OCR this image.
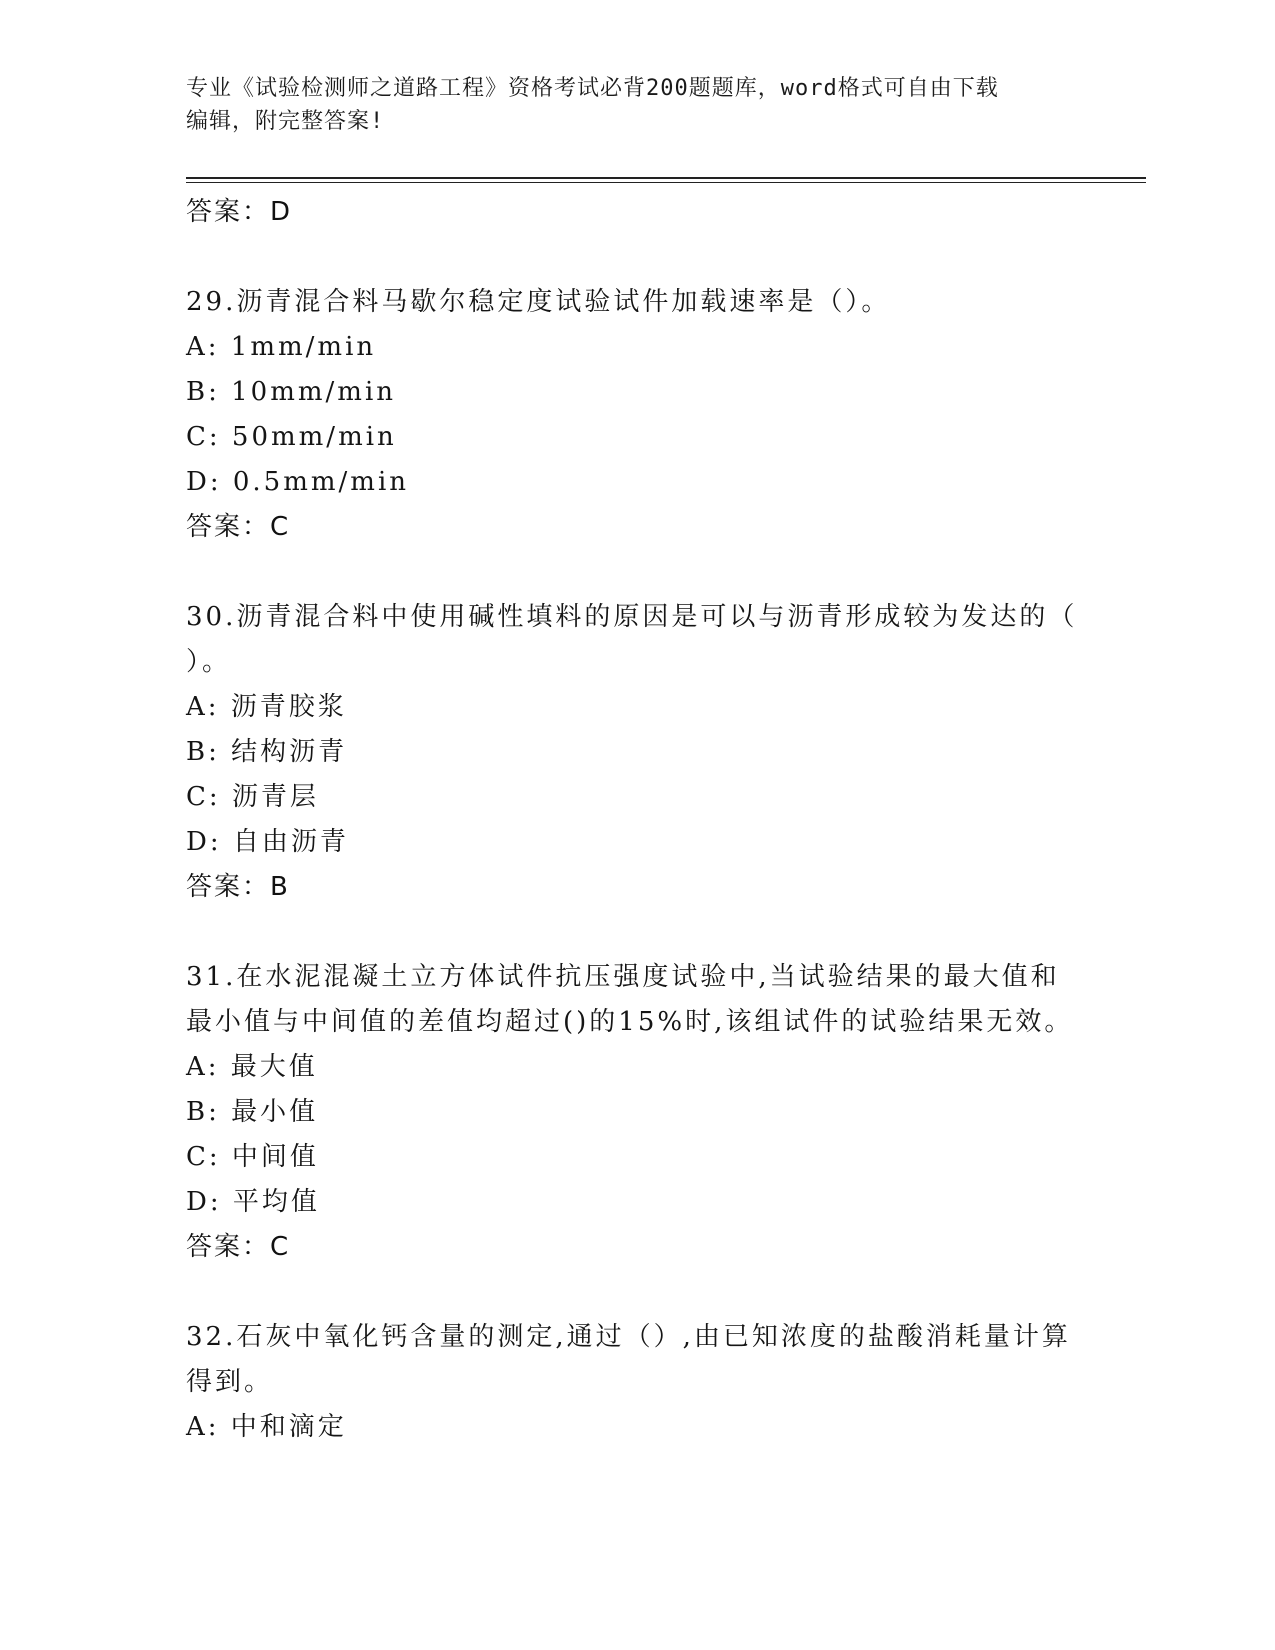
专业《试验检测师之道路工程》资格考试必背200题题库，word格式可自由下载
编辑，附完整答案!
答案：D
29.沥青混合料马歇尔稳定度试验试件加载速率是（）。
A: 1mm/min
B: 10mm/min
C: 50mm/min
D: 0.5mm/min
答案：C
30.沥青混合料中使用碱性填料的原因是可以与沥青形成较为发达的（
）。
A: 沥青胶浆
B: 结构沥青
C: 沥青层
D: 自由沥青
答案：B
31.在水泥混凝土立方体试件抗压强度试验中,当试验结果的最大值和
最小值与中间值的差值均超过()的15%时,该组试件的试验结果无效。
A: 最大值
B: 最小值
C: 中间值
D: 平均值
答案：C
32.石灰中氧化钙含量的测定,通过（）,由已知浓度的盐酸消耗量计算
得到。
A: 中和滴定
